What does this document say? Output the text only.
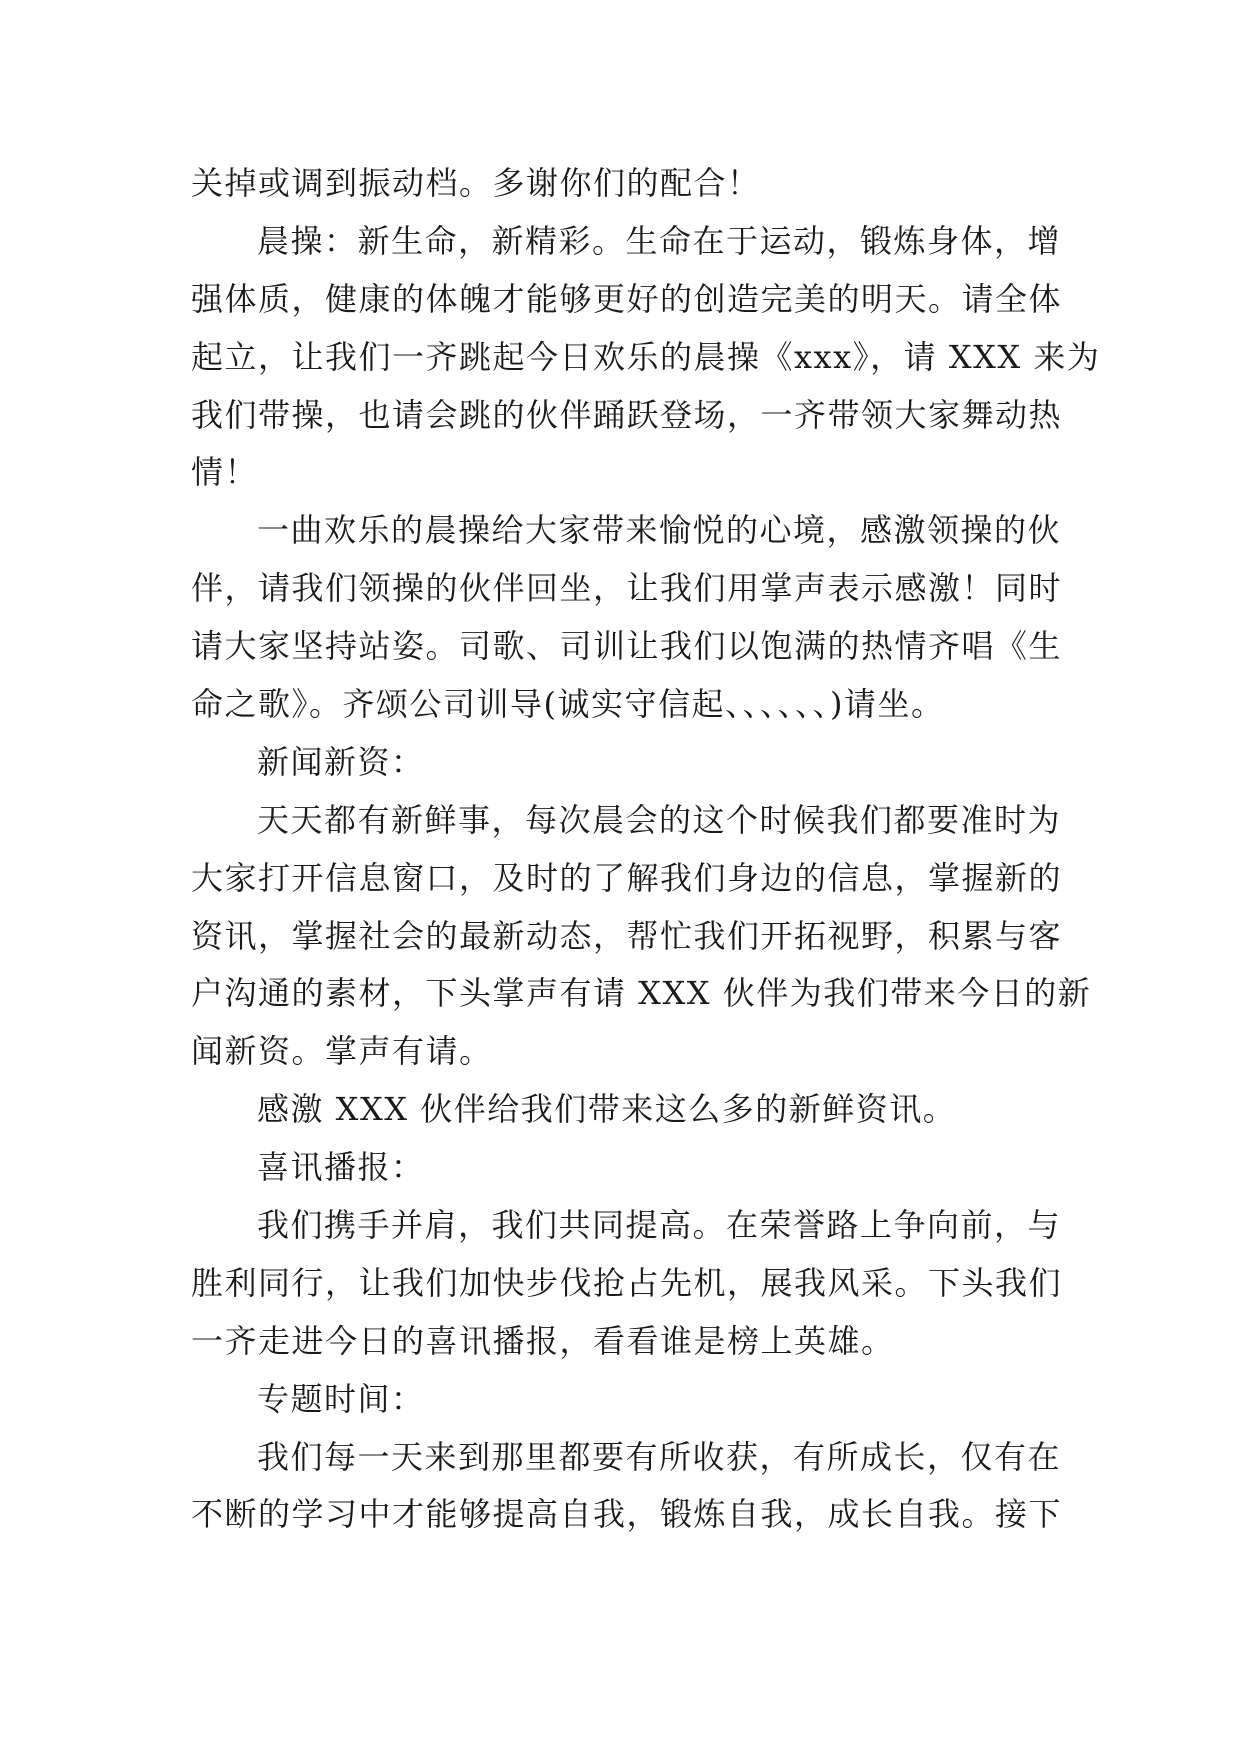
关掉或调到振动档。多谢你们的配合！
晨操：新生命，新精彩。生命在于运动，锻炼身体，增
强体质，健康的体魄才能够更好的创造完美的明天。请全体
起立，让我们一齐跳起今日欢乐的晨操《xxx》，请 XXX 来为
我们带操，也请会跳的伙伴踊跃登场，一齐带领大家舞动热
情！
一曲欢乐的晨操给大家带来愉悦的心境，感激领操的伙
伴，请我们领操的伙伴回坐，让我们用掌声表示感激！同时
请大家坚持站姿。司歌、司训让我们以饱满的热情齐唱《生
命之歌》。齐颂公司训导(诚实守信起、、、、、、)请坐。
新闻新资：
天天都有新鲜事，每次晨会的这个时候我们都要准时为
大家打开信息窗口，及时的了解我们身边的信息，掌握新的
资讯，掌握社会的最新动态，帮忙我们开拓视野，积累与客
户沟通的素材，下头掌声有请 XXX 伙伴为我们带来今日的新
闻新资。掌声有请。
感激 XXX 伙伴给我们带来这么多的新鲜资讯。
喜讯播报：
我们携手并肩，我们共同提高。在荣誉路上争向前，与
胜利同行，让我们加快步伐抢占先机，展我风采。下头我们
一齐走进今日的喜讯播报，看看谁是榜上英雄。
专题时间：
我们每一天来到那里都要有所收获，有所成长，仅有在
不断的学习中才能够提高自我，锻炼自我，成长自我。接下
